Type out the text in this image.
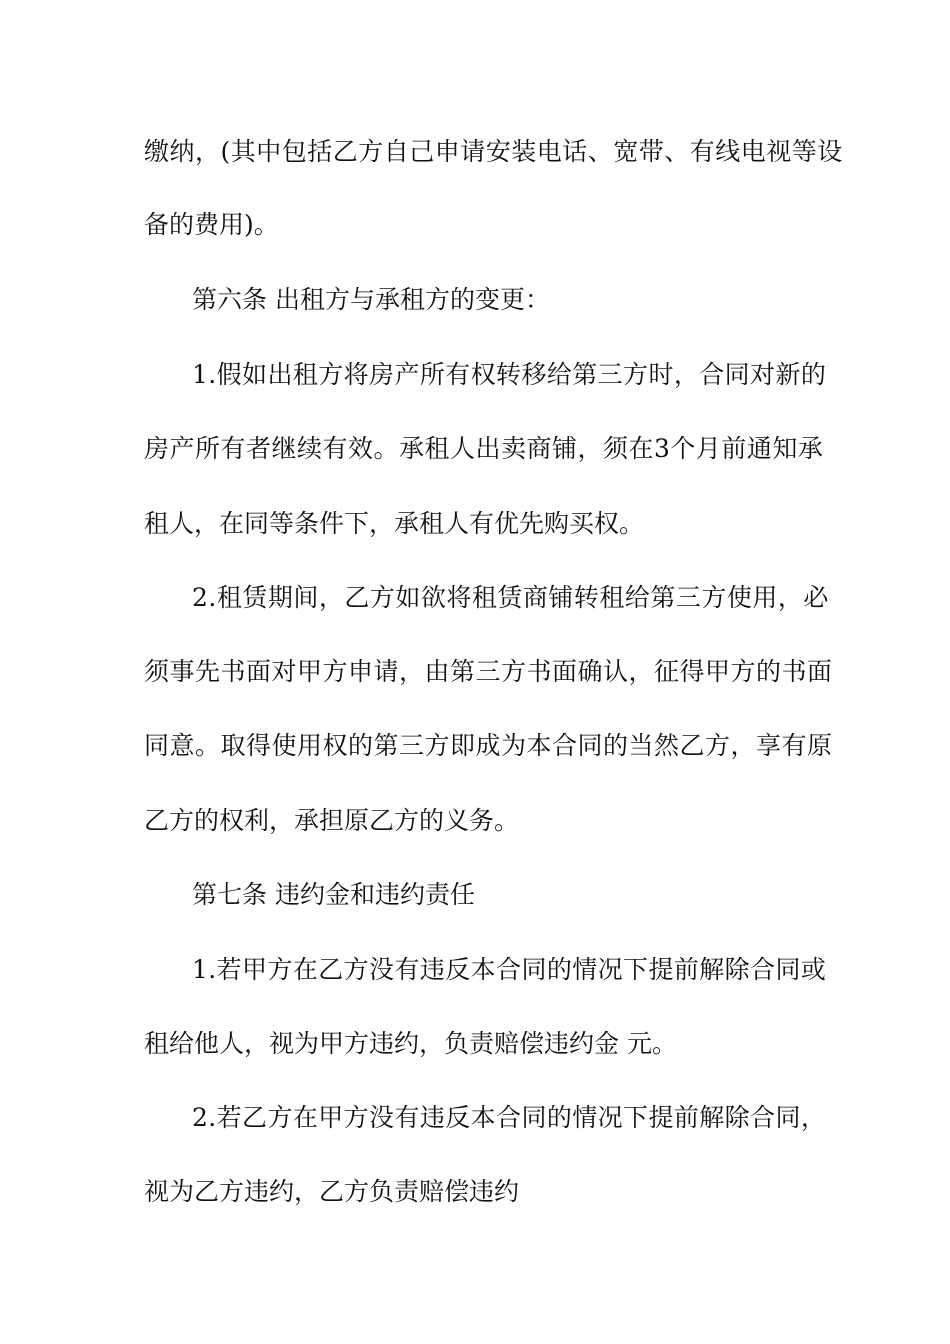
缴纳，(其中包括乙方自己申请安装电话、宽带、有线电视等设
备的费用)。
第六条 出租方与承租方的变更：
1.假如出租方将房产所有权转移给第三方时，合同对新的
房产所有者继续有效。承租人出卖商铺，须在3个月前通知承
租人，在同等条件下，承租人有优先购买权。
2.租赁期间，乙方如欲将租赁商铺转租给第三方使用，必
须事先书面对甲方申请，由第三方书面确认，征得甲方的书面
同意。取得使用权的第三方即成为本合同的当然乙方，享有原
乙方的权利，承担原乙方的义务。
第七条 违约金和违约责任
1.若甲方在乙方没有违反本合同的情况下提前解除合同或
租给他人，视为甲方违约，负责赔偿违约金 元。
2.若乙方在甲方没有违反本合同的情况下提前解除合同，
视为乙方违约，乙方负责赔偿违约
